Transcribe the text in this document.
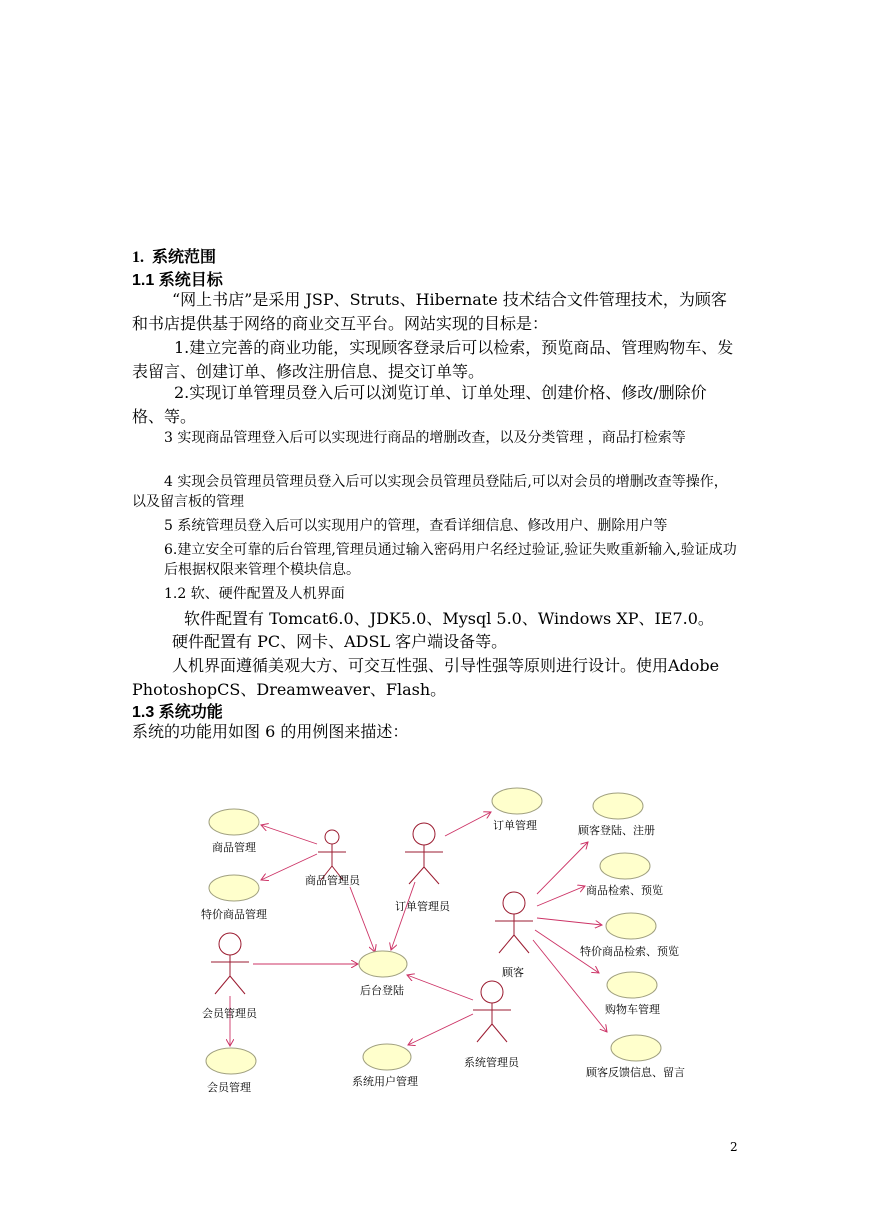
1. 系统范围
1.1 系统目标
“网上书店”是采用 JSP、Struts、Hibernate 技术结合文件管理技术，为顾客和书店提供基于网络的商业交互平台。网站实现的目标是：
1.建立完善的商业功能，实现顾客登录后可以检索，预览商品、管理购物车、发表留言、创建订单、修改注册信息、提交订单等。
2.实现订单管理员登入后可以浏览订单、订单处理、创建价格、修改/删除价格、等。
3 实现商品管理登入后可以实现进行商品的增删改查，以及分类管理 ，商品打检索等
4 实现会员管理员管理员登入后可以实现会员管理员登陆后,可以对会员的增删改查等操作，以及留言板的管理
5 系统管理员登入后可以实现用户的管理，查看详细信息、修改用户、删除用户等
6.建立安全可靠的后台管理,管理员通过输入密码用户名经过验证,验证失败重新输入,验证成功后根据权限来管理个模块信息。
1.2 软、硬件配置及人机界面
软件配置有 Tomcat6.0、JDK5.0、Mysql 5.0、Windows XP、IE7.0。
硬件配置有 PC、网卡、ADSL 客户端设备等。
人机界面遵循美观大方、可交互性强、引导性强等原则进行设计。使用Adobe PhotoshopCS、Dreamweaver、Flash。
1.3 系统功能
系统的功能用如图 6 的用例图来描述：
商品管理
特价商品管理
会员管理
后台登陆
系统用户管理
订单管理	顾客登陆、注册
商品检索、预览
特价商品检索、预览
购物车管理
顾客反馈信息、留言
商品管理员
订单管理员
会员管理员
顾客
系统管理员
2
